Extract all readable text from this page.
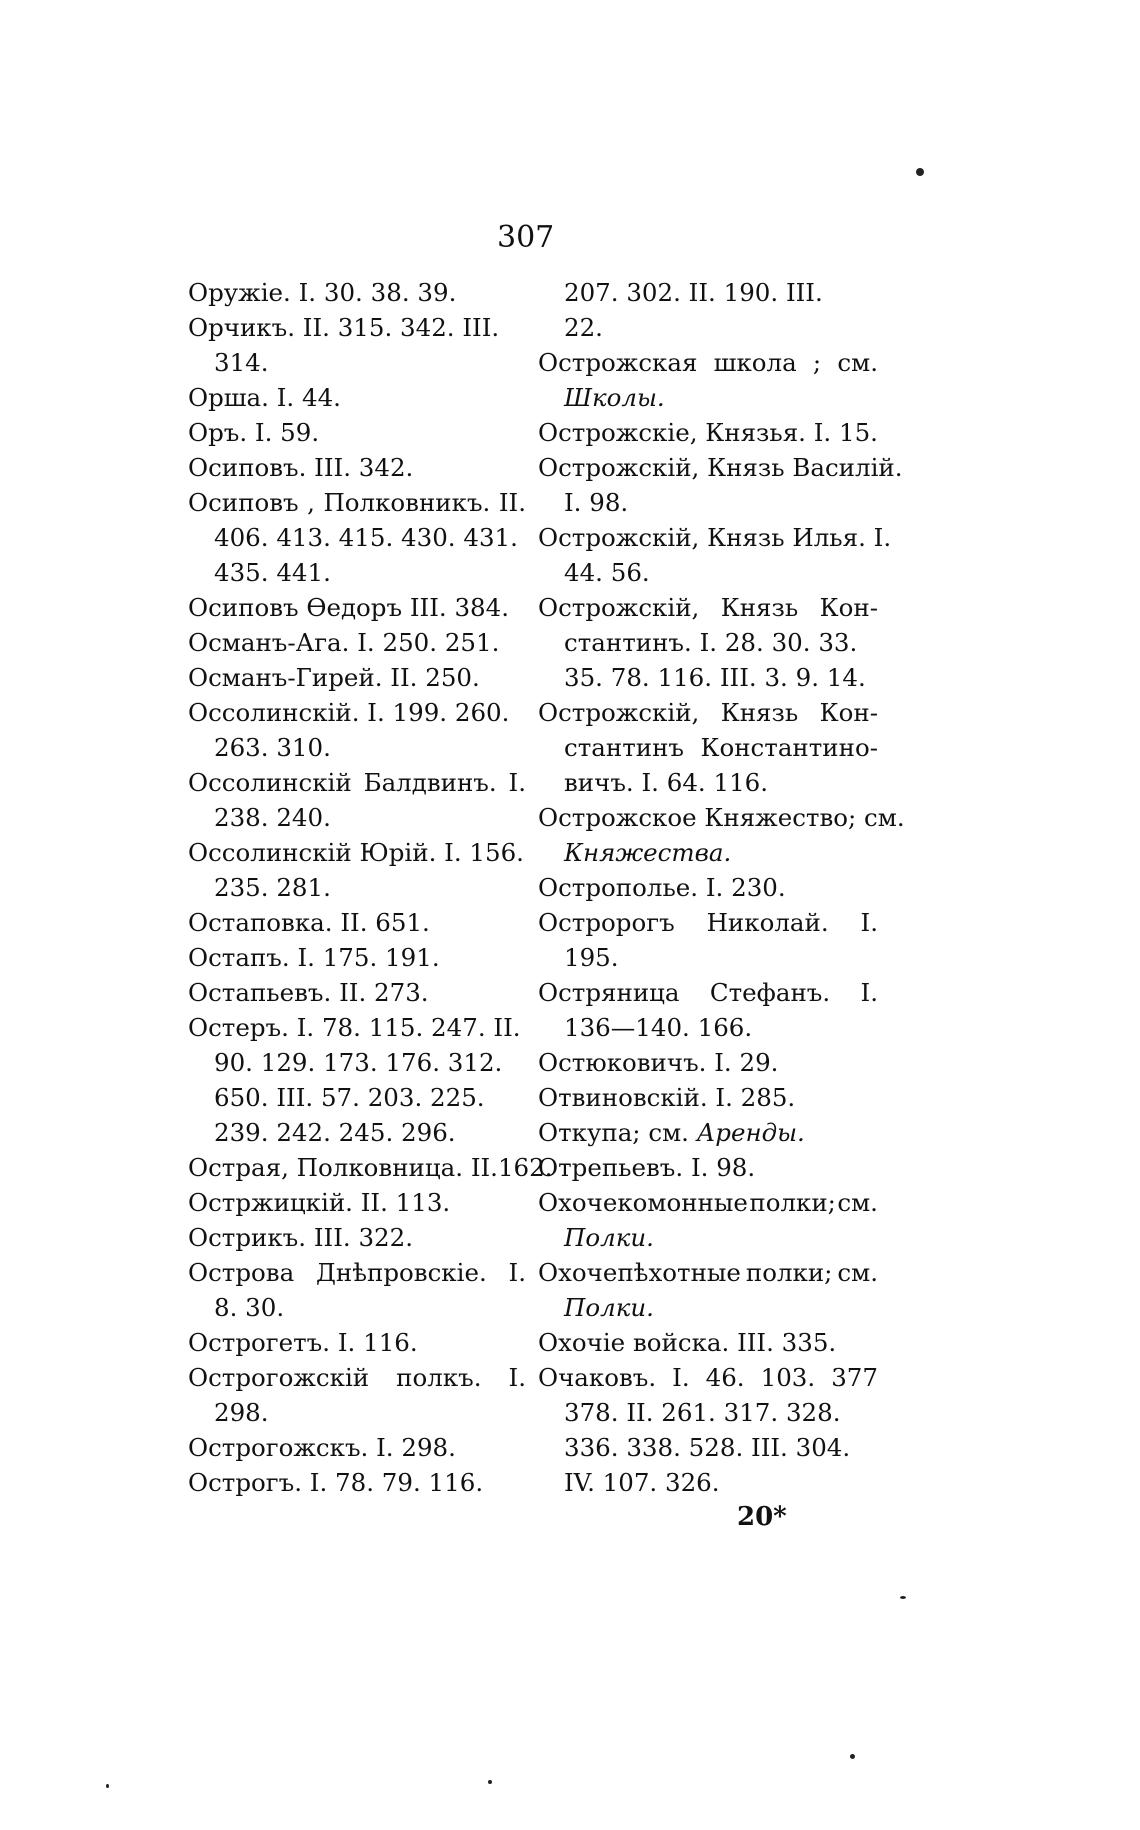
307
Оружіе. I. 30. 38. 39.
Орчикъ. II. 315. 342. III.
314.
Орша. I. 44.
Оръ. I. 59.
Осиповъ. III. 342.
Осиповъ , Полковникъ. II.
406. 413. 415. 430. 431.
435. 441.
Осиповъ Ѳедоръ III. 384.
Османъ-Ага. I. 250. 251.
Османъ-Гирей. II. 250.
Оссолинскій. I. 199. 260.
263. 310.
Оссолинскій Балдвинъ. I.
238. 240.
Оссолинскій Юрій. I. 156.
235. 281.
Остаповка. II. 651.
Остапъ. I. 175. 191.
Остапьевъ. II. 273.
Остеръ. I. 78. 115. 247. II.
90. 129. 173. 176. 312.
650. III. 57. 203. 225.
239. 242. 245. 296.
Острая, Полковница. II.162.
Остржицкій. II. 113.
Острикъ. III. 322.
Острова Днѣпровскіе. I.
8. 30.
Острогетъ. I. 116.
Острогожскій полкъ. I.
298.
Острогожскъ. I. 298.
Острогъ. I. 78. 79. 116.
207. 302. II. 190. III.
22.
Острожская школа ; см.
Школы.
Острожскіе, Князья. I. 15.
Острожскій, Князь Василій.
I. 98.
Острожскій, Князь Илья. I.
44. 56.
Острожскій, Князь Кон-
стантинъ. I. 28. 30. 33.
35. 78. 116. III. 3. 9. 14.
Острожскій, Князь Кон-
стантинъ Константино-
вичъ. I. 64. 116.
Острожское Княжество; см.
Княжества.
Острополье. I. 230.
Остророгъ Николай. I.
195.
Остряница Стефанъ. I.
136—140. 166.
Остюковичъ. I. 29.
Отвиновскій. I. 285.
Откупа; см. Аренды.
Отрепьевъ. I. 98.
Охочекомонные полки; см.
Полки.
Охочепѣхотные полки; см.
Полки.
Охочіе войска. III. 335.
Очаковъ. I. 46. 103. 377
378. II. 261. 317. 328.
336. 338. 528. III. 304.
IV. 107. 326.
20*
